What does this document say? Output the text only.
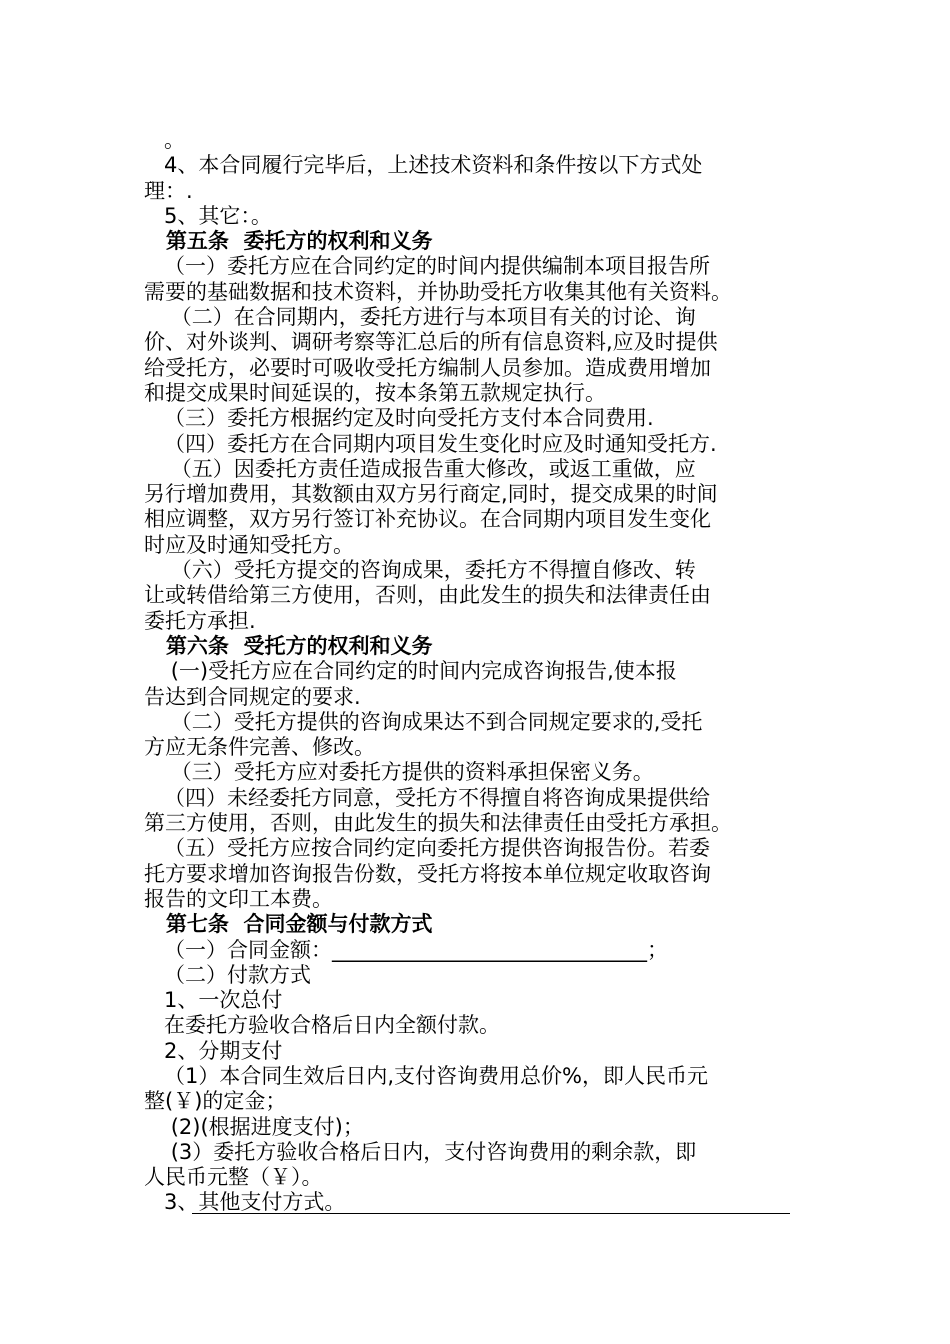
。
4、本合同履行完毕后，上述技术资料和条件按以下方式处
理：.
5、其它：。
第五条  委托方的权利和义务
（一）委托方应在合同约定的时间内提供编制本项目报告所
需要的基础数据和技术资料，并协助受托方收集其他有关资料。
（二）在合同期内，委托方进行与本项目有关的讨论、询
价、对外谈判、调研考察等汇总后的所有信息资料,应及时提供
给受托方，必要时可吸收受托方编制人员参加。造成费用增加
和提交成果时间延误的，按本条第五款规定执行。
（三）委托方根据约定及时向受托方支付本合同费用.
（四）委托方在合同期内项目发生变化时应及时通知受托方.
（五）因委托方责任造成报告重大修改，或返工重做，应
另行增加费用，其数额由双方另行商定,同时，提交成果的时间
相应调整，双方另行签订补充协议。在合同期内项目发生变化
时应及时通知受托方。
（六）受托方提交的咨询成果，委托方不得擅自修改、转
让或转借给第三方使用，否则，由此发生的损失和法律责任由
委托方承担.
第六条  受托方的权利和义务
(一)受托方应在合同约定的时间内完成咨询报告,使本报
告达到合同规定的要求.
（二）受托方提供的咨询成果达不到合同规定要求的,受托
方应无条件完善、修改。
（三）受托方应对委托方提供的资料承担保密义务。
（四）未经委托方同意，受托方不得擅自将咨询成果提供给
第三方使用，否则，由此发生的损失和法律责任由受托方承担。
（五）受托方应按合同约定向委托方提供咨询报告份。若委
托方要求增加咨询报告份数，受托方将按本单位规定收取咨询
报告的文印工本费。
第七条  合同金额与付款方式
（一）合同金额：______________________________；
（二）付款方式
1、一次总付
在委托方验收合格后日内全额付款。
2、分期支付
（1）本合同生效后日内,支付咨询费用总价%，即人民币元
整(￥)的定金；
(2)(根据进度支付)；
(3）委托方验收合格后日内，支付咨询费用的剩余款，即
人民币元整（￥）。
3、其他支付方式。
